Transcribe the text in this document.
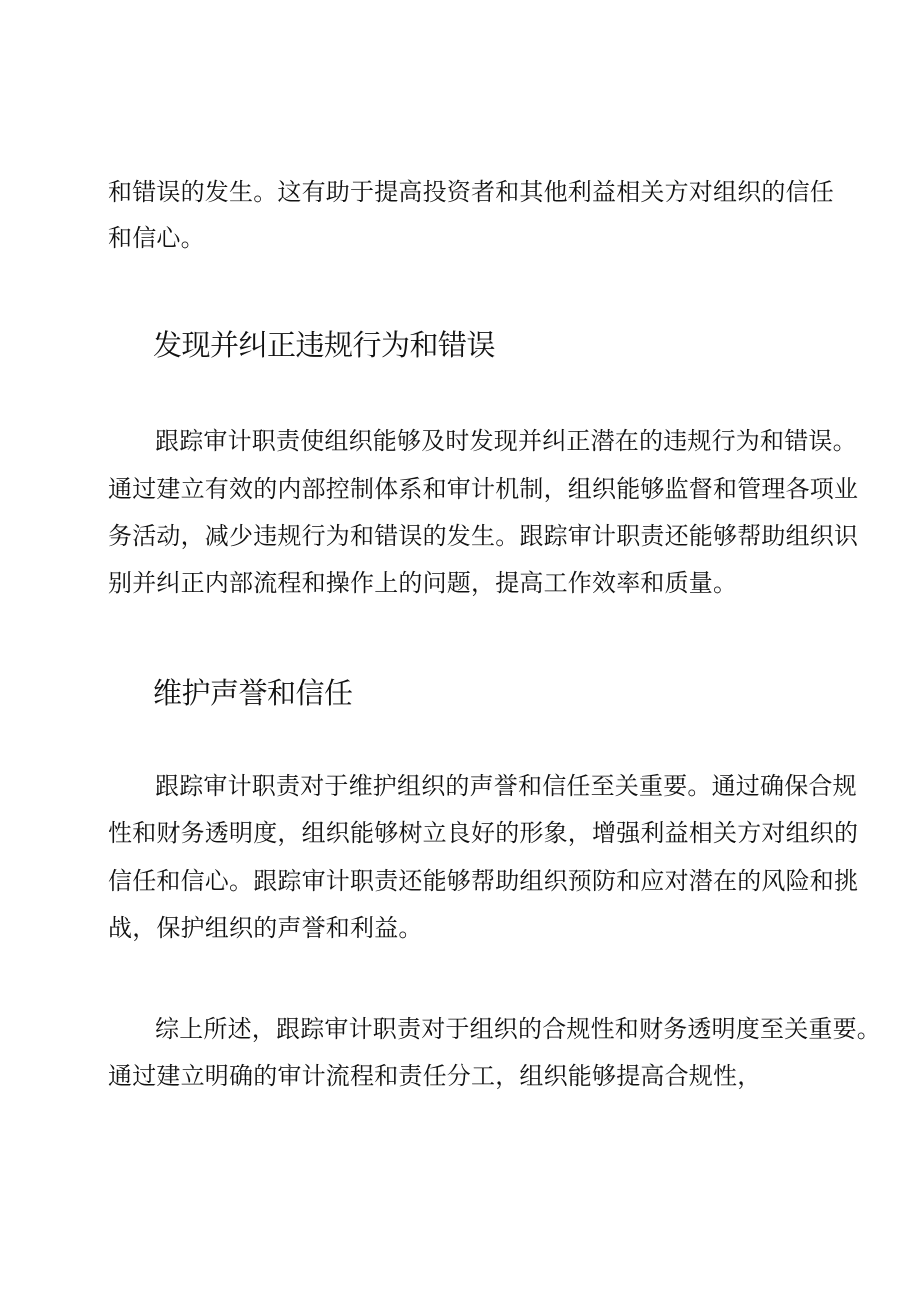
和错误的发生。这有助于提高投资者和其他利益相关方对组织的信任
和信心。
发现并纠正违规行为和错误
跟踪审计职责使组织能够及时发现并纠正潜在的违规行为和错误。
通过建立有效的内部控制体系和审计机制，组织能够监督和管理各项业
务活动，减少违规行为和错误的发生。跟踪审计职责还能够帮助组织识
别并纠正内部流程和操作上的问题，提高工作效率和质量。
维护声誉和信任
跟踪审计职责对于维护组织的声誉和信任至关重要。通过确保合规
性和财务透明度，组织能够树立良好的形象，增强利益相关方对组织的
信任和信心。跟踪审计职责还能够帮助组织预防和应对潜在的风险和挑
战，保护组织的声誉和利益。
综上所述，跟踪审计职责对于组织的合规性和财务透明度至关重要。
通过建立明确的审计流程和责任分工，组织能够提高合规性，
